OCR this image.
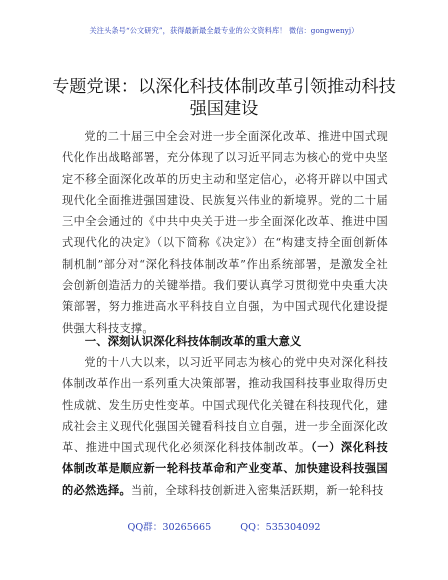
关注头条号“公文研究”，获得最新最全最专业的公文资料库！ 微信：gongwenyj）
专题党课：以深化科技体制改革引领推动科技强国建设

党的二十届三中全会对进一步全面深化改革、推进中国式现代化作出战略部署，充分体现了以习近平同志为核心的党中央坚定不移全面深化改革的历史主动和坚定信心，必将开辟以中国式现代化全面推进强国建设、民族复兴伟业的新境界。党的二十届三中全会通过的《中共中央关于进一步全面深化改革、推进中国式现代化的决定》（以下简称《决定》）在“构建支持全面创新体制机制”部分对“深化科技体制改革”作出系统部署，是激发全社会创新创造活力的关键举措。我们要认真学习贯彻党中央重大决策部署，努力推进高水平科技自立自强，为中国式现代化建设提供强大科技支撑。

一、深刻认识深化科技体制改革的重大意义

党的十八大以来，以习近平同志为核心的党中央对深化科技体制改革作出一系列重大决策部署，推动我国科技事业取得历史性成就、发生历史性变革。中国式现代化关键在科技现代化，建成社会主义现代化强国关键看科技自立自强，进一步全面深化改革、推进中国式现代化必须深化科技体制改革。（一）深化科技体制改革是顺应新一轮科技革命和产业变革、加快建设科技强国的必然选择。当前，全球科技创新进入密集活跃期，新一轮科技

QQ群：30265665	QQ：535304092
